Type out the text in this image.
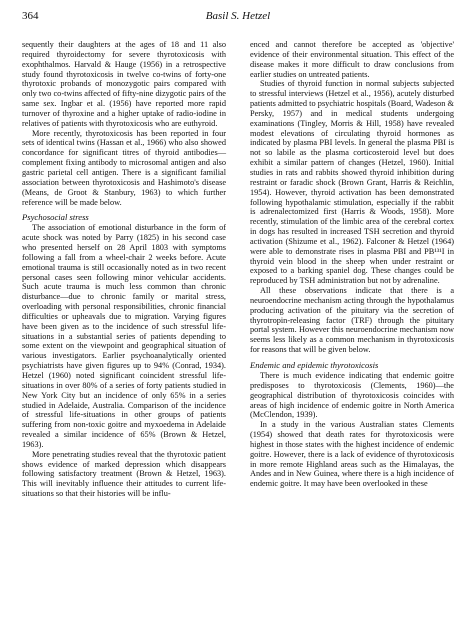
364	Basil S. Hetzel

sequently their daughters at the ages of 18 and 11 also required thyroidectomy for severe thyrotoxicosis with exophthalmos. Harvald & Hauge (1956) in a retrospective study found thyrotoxicosis in twelve co-twins of forty-one thyrotoxic probands of monozygotic pairs compared with only two co-twins affected of fifty-nine dizygotic pairs of the same sex. Ingbar et al. (1956) have reported more rapid turnover of thyroxine and a higher uptake of radio-iodine in relatives of patients with thyrotoxicosis who are euthyroid.

More recently, thyrotoxicosis has been reported in four sets of identical twins (Hassan et al., 1966) who also showed concordance for significant titres of thyroid antibodies—complement fixing antibody to microsomal antigen and also gastric parietal cell antigen. There is a significant familial association between thyrotoxicosis and Hashimoto's disease (Means, de Groot & Stanbury, 1963) to which further reference will be made below.

Psychosocial stress

The association of emotional disturbance in the form of acute shock was noted by Parry (1825) in his second case who presented herself on 28 April 1803 with symptoms following a fall from a wheel-chair 2 weeks before. Acute emotional trauma is still occasionally noted as in two recent personal cases seen following minor vehicular accidents. Such acute trauma is much less common than chronic disturbance—due to chronic family or marital stress, overloading with personal responsibilities, chronic financial difficulties or upheavals due to migration. Varying figures have been given as to the incidence of such stressful life-situations in a substantial series of patients depending to some extent on the viewpoint and geographical situation of various investigators. Earlier psychoanalytically oriented psychiatrists have given figures up to 94% (Conrad, 1934). Hetzel (1960) noted significant coincident stressful life-situations in over 80% of a series of forty patients studied in New York City but an incidence of only 65% in a series studied in Adelaide, Australia. Comparison of the incidence of stressful life-situations in other groups of patients suffering from non-toxic goitre and myxoedema in Adelaide revealed a similar incidence of 65% (Brown & Hetzel, 1963).

More penetrating studies reveal that the thyrotoxic patient shows evidence of marked depression which disappears following satisfactory treatment (Brown & Hetzel, 1963). This will inevitably influence their attitudes to current life-situations so that their histories will be influ-

enced and cannot therefore be accepted as 'objective' evidence of their environmental situation. This effect of the disease makes it more difficult to draw conclusions from earlier studies on untreated patients.

Studies of thyroid function in normal subjects subjected to stressful interviews (Hetzel et al., 1956), acutely disturbed patients admitted to psychiatric hospitals (Board, Wadeson & Persky, 1957) and in medical students undergoing examinations (Tingley, Morris & Hill, 1958) have revealed modest elevations of circulating thyroid hormones as indicated by plasma PBI levels. In general the plasma PBI is not so labile as the plasma corticosteroid level but does exhibit a similar pattern of changes (Hetzel, 1960). Initial studies in rats and rabbits showed thyroid inhibition during restraint or faradic shock (Brown Grant, Harris & Reichlin, 1954). However, thyroid activation has been demonstrated following hypothalamic stimulation, especially if the rabbit is adrenalectomized first (Harris & Woods, 1958). More recently, stimulation of the limbic area of the cerebral cortex in dogs has resulted in increased TSH secretion and thyroid activation (Shizume et al., 1962). Falconer & Hetzel (1964) were able to demonstrate rises in plasma PBI and PB¹³¹I in thyroid vein blood in the sheep when under restraint or exposed to a barking spaniel dog. These changes could be reproduced by TSH administration but not by adrenaline.

All these observations indicate that there is a neuroendocrine mechanism acting through the hypothalamus producing activation of the pituitary via the secretion of thyrotropin-releasing factor (TRF) through the pituitary portal system. However this neuroendocrine mechanism now seems less likely as a common mechanism in thyrotoxicosis for reasons that will be given below.

Endemic and epidemic thyrotoxicosis

There is much evidence indicating that endemic goitre predisposes to thyrotoxicosis (Clements, 1960)—the geographical distribution of thyrotoxicosis coincides with areas of high incidence of endemic goitre in North America (McClendon, 1939).

In a study in the various Australian states Clements (1954) showed that death rates for thyrotoxicosis were highest in those states with the highest incidence of endemic goitre. However, there is a lack of evidence of thyrotoxicosis in more remote Highland areas such as the Himalayas, the Andes and in New Guinea, where there is a high incidence of endemic goitre. It may have been overlooked in these
